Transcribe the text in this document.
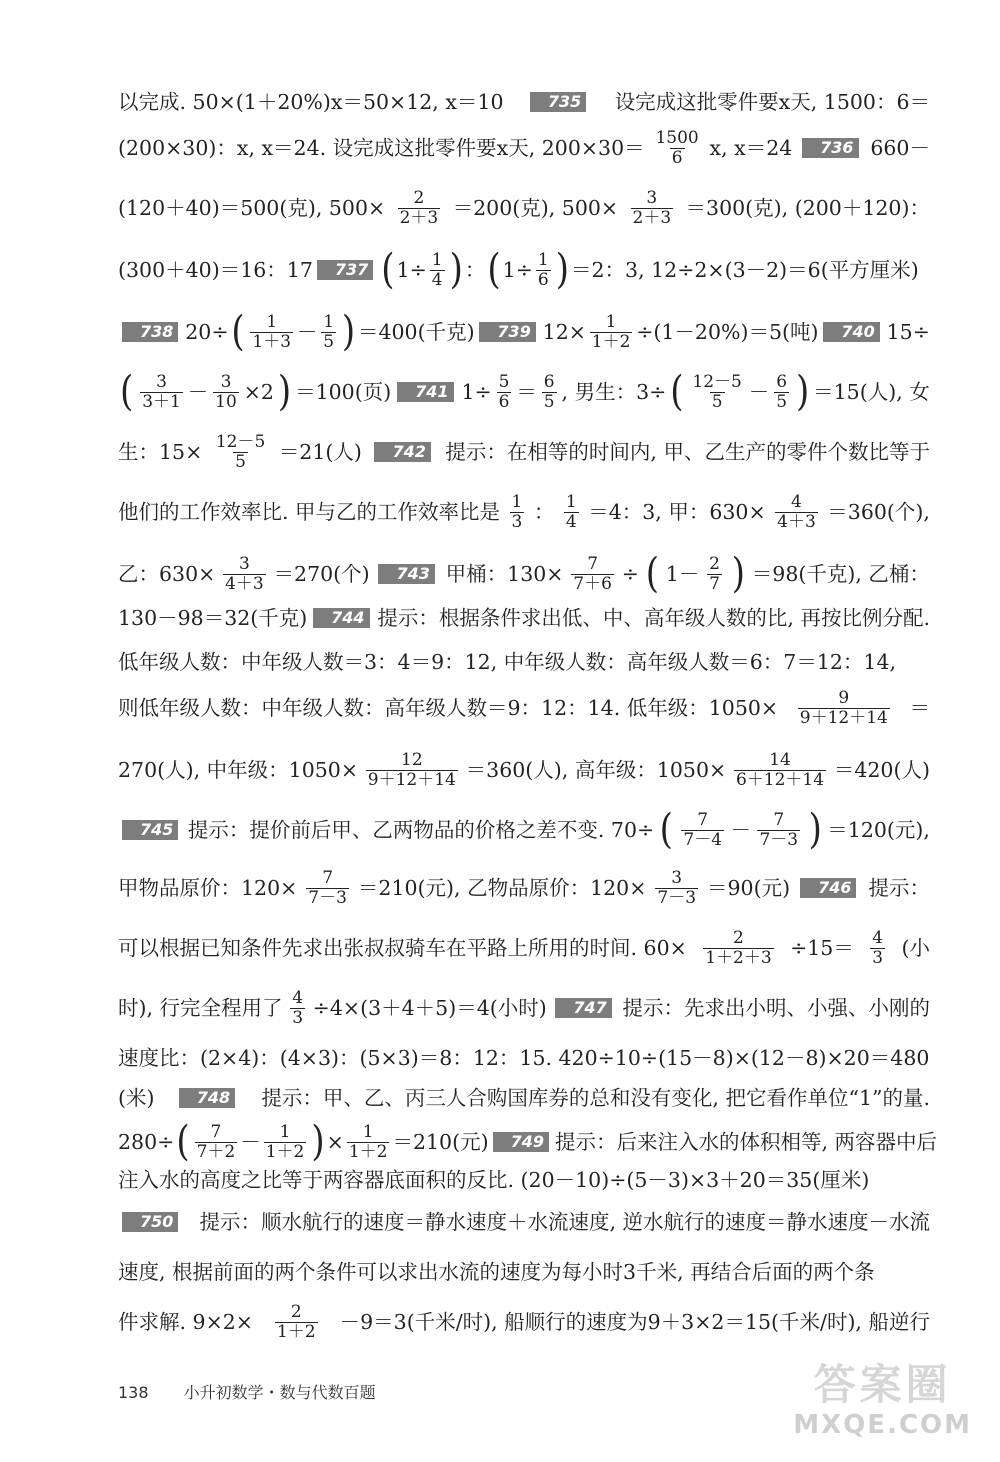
以完成. 50×(1＋20%)x＝50×12, x＝10	735 设完成这批零件要x天, 1500：6＝
(200×30)：x, x＝24. 设完成这批零件要x天, $200\times 30= \frac{1500}{6} x$, x＝24	736 660－
(120＋40)＝500(克), $500\times \frac{2}{2+3} =200$(克), $500\times \frac{3}{2+3} =300$(克), (200＋120)：
(300＋40)＝16：17	737 ( $1\div \frac{1}{4}$ ) ： ( $1\div \frac{1}{6}$ ) ＝2：3, 12÷2×(3－2)＝6(平方厘米)
738 20÷ ( $\frac{1}{1+3} - \frac{1}{5}$ ) ＝400(千克)	739 $12\times \frac{1}{1+2} \div(1-20\%)=5$(吨)	740 15÷
( $\frac{3}{3+1} - \frac{3}{10} \times 2$ ) ＝100(页)	741 $1\div \frac{5}{6} = \frac{6}{5}$ , 男生：3÷ ( $\frac{12-5}{5} - \frac{6}{5}$ ) ＝15(人), 女
生：$15\times \frac{12-5}{5} =21$(人)	742 提示：在相等的时间内, 甲、乙生产的零件个数比等于
他们的工作效率比. 甲与乙的工作效率比是 $\frac{1}{3}$ ： $\frac{1}{4} =4$：3, 甲：$630\times \frac{4}{4+3} =360$(个),
乙：$630\times \frac{3}{4+3} =270$(个)	743 甲桶：$130\times \frac{7}{7+6}$ ÷ ( $1- \frac{2}{7}$ ) ＝98(千克), 乙桶：
130－98＝32(千克)	744 提示：根据条件求出低、中、高年级人数的比, 再按比例分配.
低年级人数：中年级人数＝3：4＝9：12, 中年级人数：高年级人数＝6：7＝12：14,
则低年级人数：中年级人数：高年级人数＝9：12：14. 低年级：$1050\times \frac{9}{9+12+14}$ ＝
270(人), 中年级：$1050\times \frac{12}{9+12+14} =360$(人), 高年级：$1050\times \frac{14}{6+12+14} =420$(人)
745 提示：提价前后甲、乙两物品的价格之差不变. 70÷ ( $\frac{7}{7-4} - \frac{7}{7-3}$ ) ＝120(元),
甲物品原价：$120\times \frac{7}{7-3} =210$(元), 乙物品原价：$120\times \frac{3}{7-3} =90$(元)	746 提示：
可以根据已知条件先求出张叔叔骑车在平路上所用的时间. $60\times \frac{2}{1+2+3} \div 15= \frac{4}{3}$ (小
时), 行完全程用了 $\frac{4}{3} \div 4\times(3+4+5)=4$(小时)	747 提示：先求出小明、小强、小刚的
速度比：(2×4)：(4×3)：(5×3)＝8：12：15. 420÷10÷(15－8)×(12－8)×20＝480
(米)	748 提示：甲、乙、丙三人合购国库券的总和没有变化, 把它看作单位“1”的量.
280÷ ( $\frac{7}{7+2} - \frac{1}{1+2}$ ) × $\frac{1}{1+2} =210$(元)	749 提示：后来注入水的体积相等, 两容器中后
注入水的高度之比等于两容器底面积的反比. (20－10)÷(5－3)×3＋20＝35(厘米)
750 提示：顺水航行的速度＝静水速度＋水流速度, 逆水航行的速度＝静水速度－水流
速度, 根据前面的两个条件可以求出水流的速度为每小时3千米, 再结合后面的两个条
件求解. $9\times 2\times \frac{2}{1+2} -9=3$(千米/时), 船顺行的速度为9＋3×2＝15(千米/时), 船逆行
138 小升初数学・数与代数百题	答案圈
MXQE.COM
